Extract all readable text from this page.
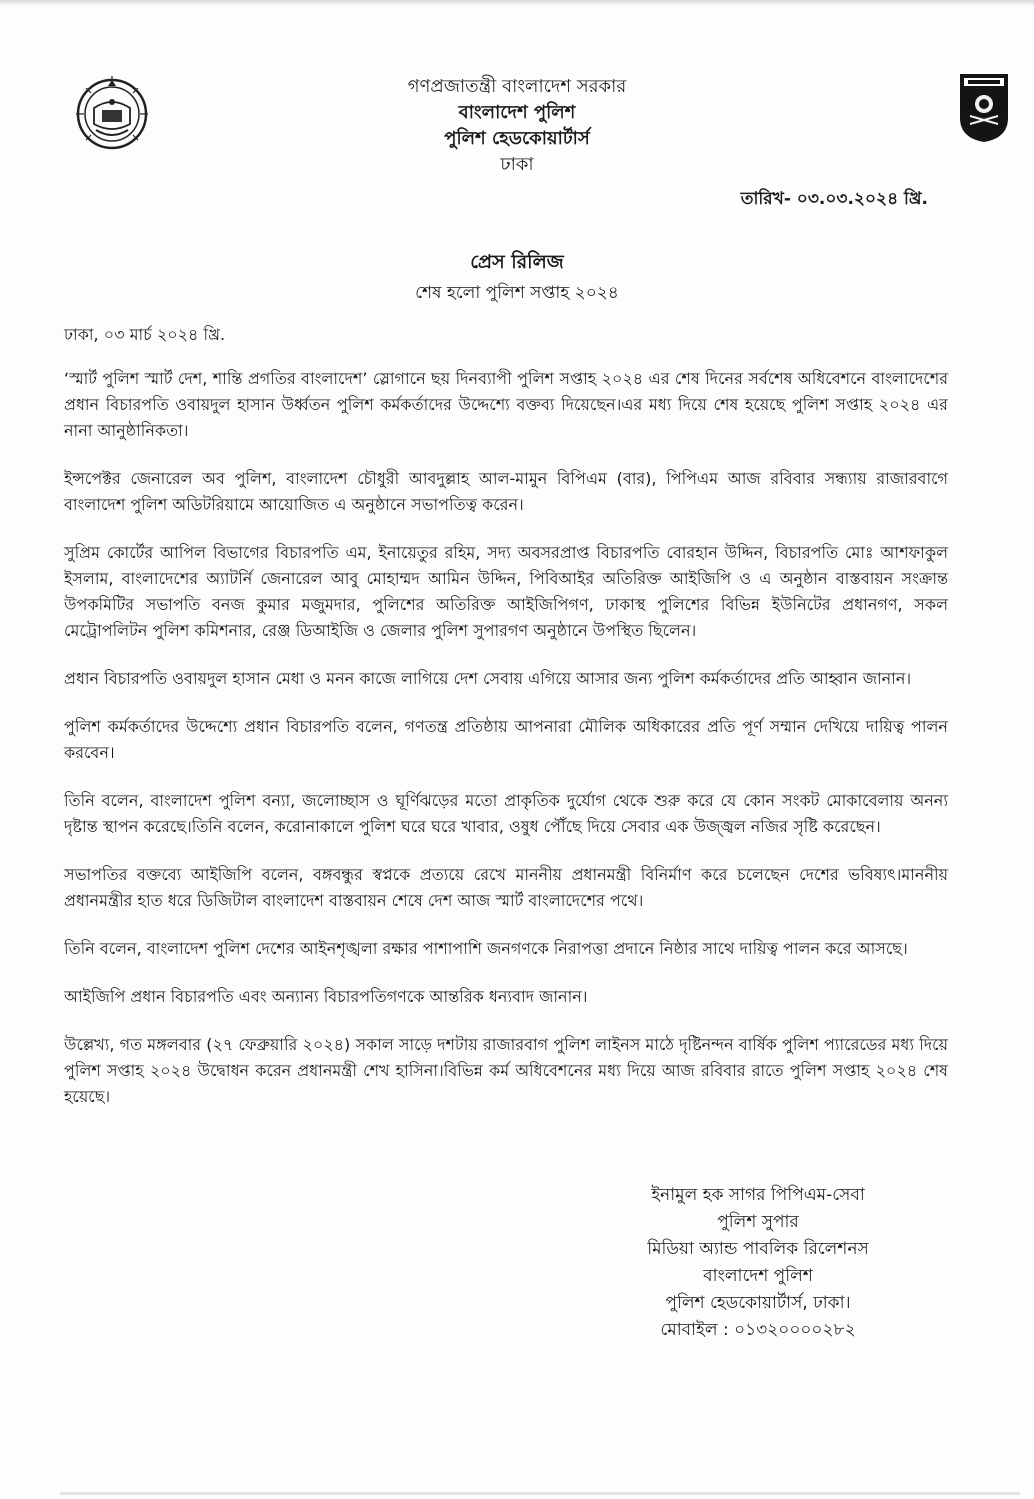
গণপ্রজাতন্ত্রী বাংলাদেশ সরকার
বাংলাদেশ পুলিশ
পুলিশ হেডকোয়ার্টার্স
ঢাকা
তারিখ- ০৩.০৩.২০২৪ খ্রি.
প্রেস রিলিজ
শেষ হলো পুলিশ সপ্তাহ ২০২৪

ঢাকা, ০৩ মার্চ ২০২৪ খ্রি.

‘স্মার্ট পুলিশ স্মার্ট দেশ, শান্তি প্রগতির বাংলাদেশ’ স্লোগানে ছয় দিনব্যাপী পুলিশ সপ্তাহ ২০২৪ এর শেষ দিনের সর্বশেষ অধিবেশনে বাংলাদেশের প্রধান বিচারপতি ওবায়দুল হাসান উর্ধ্বতন পুলিশ কর্মকর্তাদের উদ্দেশ্যে বক্তব্য দিয়েছেন।এর মধ্য দিয়ে শেষ হয়েছে পুলিশ সপ্তাহ ২০২৪ এর নানা আনুষ্ঠানিকতা।

ইন্সপেক্টর জেনারেল অব পুলিশ, বাংলাদেশ চৌধুরী আবদুল্লাহ আল-মামুন বিপিএম (বার), পিপিএম আজ রবিবার সন্ধ্যায় রাজারবাগে বাংলাদেশ পুলিশ অডিটরিয়ামে আয়োজিত এ অনুষ্ঠানে সভাপতিত্ব করেন।

সুপ্রিম কোর্টের আপিল বিভাগের বিচারপতি এম, ইনায়েতুর রহিম, সদ্য অবসরপ্রাপ্ত বিচারপতি বোরহান উদ্দিন, বিচারপতি মোঃ আশফাকুল ইসলাম, বাংলাদেশের অ্যাটর্নি জেনারেল আবু মোহাম্মদ আমিন উদ্দিন, পিবিআইর অতিরিক্ত আইজিপি ও এ অনুষ্ঠান বাস্তবায়ন সংক্রান্ত উপকমিটির সভাপতি বনজ কুমার মজুমদার, পুলিশের অতিরিক্ত আইজিপিগণ, ঢাকাস্থ পুলিশের বিভিন্ন ইউনিটের প্রধানগণ, সকল মেট্রোপলিটন পুলিশ কমিশনার, রেঞ্জ ডিআইজি ও জেলার পুলিশ সুপারগণ অনুষ্ঠানে উপস্থিত ছিলেন।

প্রধান বিচারপতি ওবায়দুল হাসান মেধা ও মনন কাজে লাগিয়ে দেশ সেবায় এগিয়ে আসার জন্য পুলিশ কর্মকর্তাদের প্রতি আহ্বান জানান।

পুলিশ কর্মকর্তাদের উদ্দেশ্যে প্রধান বিচারপতি বলেন, গণতন্ত্র প্রতিষ্ঠায় আপনারা মৌলিক অধিকারের প্রতি পূর্ণ সম্মান দেখিয়ে দায়িত্ব পালন করবেন।

তিনি বলেন, বাংলাদেশ পুলিশ বন্যা, জলোচ্ছাস ও ঘূর্ণিঝড়ের মতো প্রাকৃতিক দুর্যোগ থেকে শুরু করে যে কোন সংকট মোকাবেলায় অনন্য দৃষ্টান্ত স্থাপন করেছে।তিনি বলেন, করোনাকালে পুলিশ ঘরে ঘরে খাবার, ওষুধ পৌঁছে দিয়ে সেবার এক উজ্জ্বল নজির সৃষ্টি করেছেন।

সভাপতির বক্তব্যে আইজিপি বলেন, বঙ্গবন্ধুর স্বপ্নকে প্রত্যয়ে রেখে মাননীয় প্রধানমন্ত্রী বিনির্মাণ করে চলেছেন দেশের ভবিষ্যৎ।মাননীয় প্রধানমন্ত্রীর হাত ধরে ডিজিটাল বাংলাদেশ বাস্তবায়ন শেষে দেশ আজ স্মার্ট বাংলাদেশের পথে।

তিনি বলেন, বাংলাদেশ পুলিশ দেশের আইনশৃঙ্খলা রক্ষার পাশাপাশি জনগণকে নিরাপত্তা প্রদানে নিষ্ঠার সাথে দায়িত্ব পালন করে আসছে।

আইজিপি প্রধান বিচারপতি এবং অন্যান্য বিচারপতিগণকে আন্তরিক ধন্যবাদ জানান।

উল্লেখ্য, গত মঙ্গলবার (২৭ ফেব্রুয়ারি ২০২৪) সকাল সাড়ে দশটায় রাজারবাগ পুলিশ লাইনস মাঠে দৃষ্টিনন্দন বার্ষিক পুলিশ প্যারেডের মধ্য দিয়ে পুলিশ সপ্তাহ ২০২৪ উদ্বোধন করেন প্রধানমন্ত্রী শেখ হাসিনা।বিভিন্ন কর্ম অধিবেশনের মধ্য দিয়ে আজ রবিবার রাতে পুলিশ সপ্তাহ ২০২৪ শেষ হয়েছে।

ইনামুল হক সাগর পিপিএম-সেবা
পুলিশ সুপার
মিডিয়া অ্যান্ড পাবলিক রিলেশনস
বাংলাদেশ পুলিশ
পুলিশ হেডকোয়ার্টার্স, ঢাকা।
মোবাইল : ০১৩২০০০০২৮২
